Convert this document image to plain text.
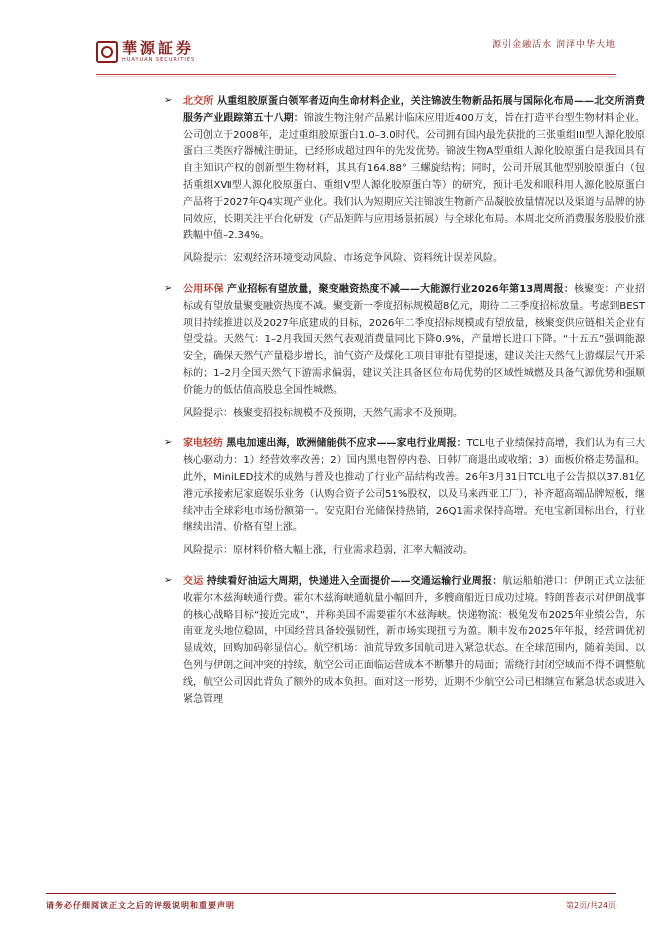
華源証券
HUAYUAN SECURITIES
源引金融活水 润泽中华大地
➢ 北交所 从重组胶原蛋白领军者迈向生命材料企业，关注锦波生物新品拓展与国际化布局——北交所消费服务产业跟踪第五十八期：锦波生物注射产品累计临床应用近400万支，旨在打造平台型生物材料企业。公司创立于2008年，走过重组胶原蛋白1.0–3.0时代。公司拥有国内最先获批的三张重组III型人源化胶原蛋白三类医疗器械注册证，已经形成超过四年的先发优势。锦波生物A型重组人源化胶原蛋白是我国具有自主知识产权的创新型生物材料，其具有164.88° 三螺旋结构；同时，公司开展其他型别胶原蛋白（包括重组XⅦ型人源化胶原蛋白、重组Ⅴ型人源化胶原蛋白等）的研究，预计毛发和眼科用人源化胶原蛋白产品将于2027年Q4实现产业化。我们认为短期应关注锦波生物新产品凝胶放量情况以及渠道与品牌的协同效应，长期关注平台化研发（产品矩阵与应用场景拓展）与全球化布局。本周北交所消费服务股股价涨跌幅中值–2.34%。

风险提示：宏观经济环境变动风险、市场竞争风险、资料统计误差风险。

➢ 公用环保 产业招标有望放量，聚变融资热度不减——大能源行业2026年第13周周报：核聚变：产业招标或有望放量聚变融资热度不减。聚变新一季度招标规模超8亿元，期待二三季度招标放量。考虑到BEST项目持续推进以及2027年底建成的目标，2026年二季度招标规模或有望放量，核聚变供应链相关企业有望受益。天然气：1–2月我国天然气表观消费量同比下降0.9%，产量增长进口下降。“十五五”强调能源安全，确保天然气产量稳步增长，油气资产及煤化工项目审批有望提速，建议关注天然气上游煤层气开采标的；1–2月全国天然气下游需求偏弱，建议关注具备区位布局优势的区域性城燃及具备气源优势和强顺价能力的低估值高股息全国性城燃。

风险提示：核聚变招投标规模不及预期，天然气需求不及预期。

➢ 家电轻纺 黑电加速出海，欧洲储能供不应求——家电行业周报：TCL电子业绩保持高增，我们认为有三大核心驱动力：1）经营效率改善；2）国内黑电智停内卷、日韩厂商退出或收缩；3）面板价格走势温和。此外，MiniLED技术的成熟与普及也推动了行业产品结构改善。26年3月31日TCL电子公告拟以37.81亿港元承接索尼家庭娱乐业务（认购合资子公司51%股权，以及马来西亚工厂），补齐超高端品牌短板，继续冲击全球彩电市场份额第一。安克阳台光储保持热销，26Q1需求保持高增。充电宝新国标出台，行业继续出清、价格有望上涨。

风险提示：原材料价格大幅上涨，行业需求趋弱，汇率大幅波动。

➢ 交运 持续看好油运大周期，快递进入全面提价——交通运输行业周报：航运船舶港口：伊朗正式立法征收霍尔木兹海峡通行费。霍尔木兹海峡通航量小幅回升，多艘商船近日成功过境。特朗普表示对伊朗战事的核心战略目标“接近完成”，并称美国不需要霍尔木兹海峡。快递物流：极兔发布2025年业绩公告，东南亚龙头地位稳固，中国经营具备较强韧性，新市场实现扭亏为盈。顺丰发布2025年年报，经营调优初显成效，回购加码彰显信心。航空机场：油荒导致多国航司进入紧急状态。在全球范围内，随着美国、以色列与伊朗之间冲突的持续，航空公司正面临运营成本不断攀升的局面；需绕行封闭空域而不得不调整航线，航空公司因此背负了额外的成本负担。面对这一形势，近期不少航空公司已相继宣布紧急状态或进入紧急管理

请务必仔细阅读正文之后的评级说明和重要声明	第2页/共24页
